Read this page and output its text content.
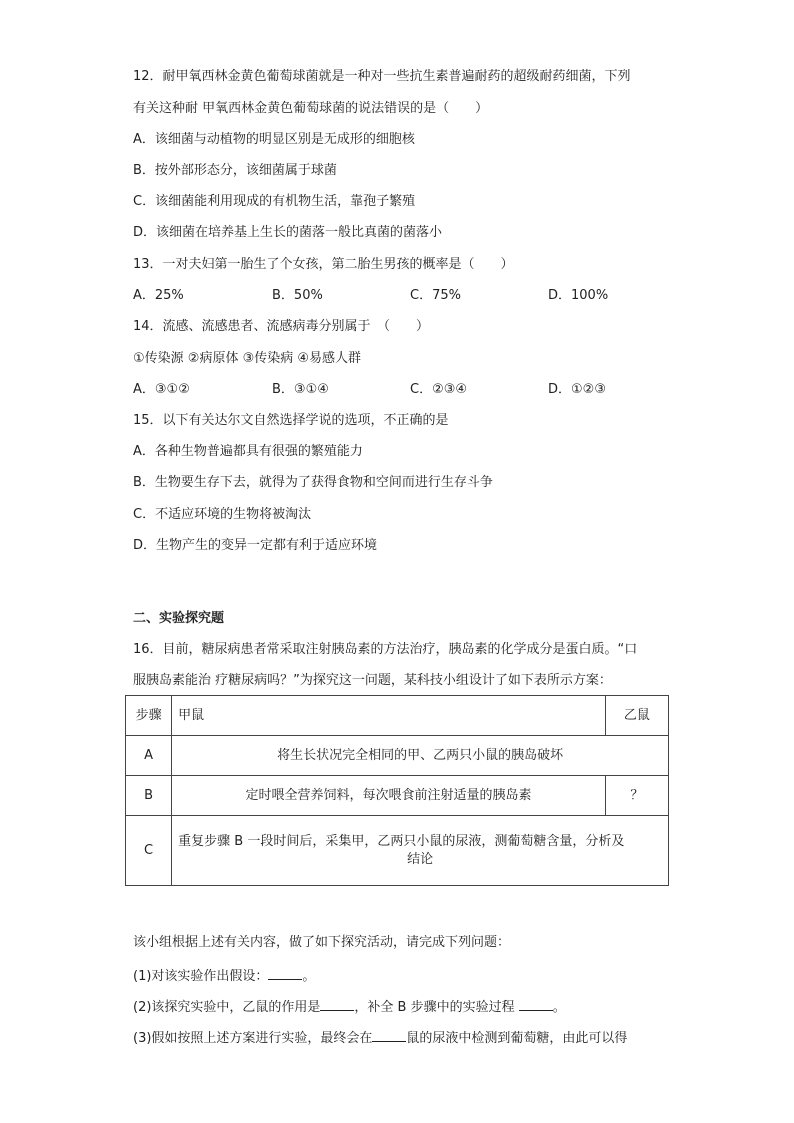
12．耐甲氧西林金黄色葡萄球菌就是一种对一些抗生素普遍耐药的超级耐药细菌，下列
有关这种耐 甲氧西林金黄色葡萄球菌的说法错误的是（　　）
A．该细菌与动植物的明显区别是无成形的细胞核
B．按外部形态分，该细菌属于球菌
C．该细菌能利用现成的有机物生活，靠孢子繁殖
D．该细菌在培养基上生长的菌落一般比真菌的菌落小
13．一对夫妇第一胎生了个女孩，第二胎生男孩的概率是（　　）
A．25%	B．50%	C．75%	D．100%
14．流感、流感患者、流感病毒分别属于　（　　）
①传染源 ②病原体 ③传染病 ④易感人群
A．③①②	B．③①④	C．②③④	D．①②③
15．以下有关达尔文自然选择学说的选项，不正确的是
A．各种生物普遍都具有很强的繁殖能力
B．生物要生存下去，就得为了获得食物和空间而进行生存斗争
C．不适应环境的生物将被淘汰
D．生物产生的变异一定都有利于适应环境
二、实验探究题
16．目前，糖尿病患者常采取注射胰岛素的方法治疗，胰岛素的化学成分是蛋白质。“口
服胰岛素能治 疗糖尿病吗？”为探究这一问题，某科技小组设计了如下表所示方案：
步骤	甲鼠	乙鼠
A	将生长状况完全相同的甲、乙两只小鼠的胰岛破坏	
B	定时喂全营养饲料，每次喂食前注射适量的胰岛素	？
C	重复步骤 B 一段时间后，采集甲，乙两只小鼠的尿液，测葡萄糖含量，分析及
结论	
该小组根据上述有关内容，做了如下探究活动，请完成下列问题：
(1)对该实验作出假设：	。
(2)该探究实验中，乙鼠的作用是	，补全 B 步骤中的实验过程	。
(3)假如按照上述方案进行实验，最终会在	鼠的尿液中检测到葡萄糖，由此可以得
